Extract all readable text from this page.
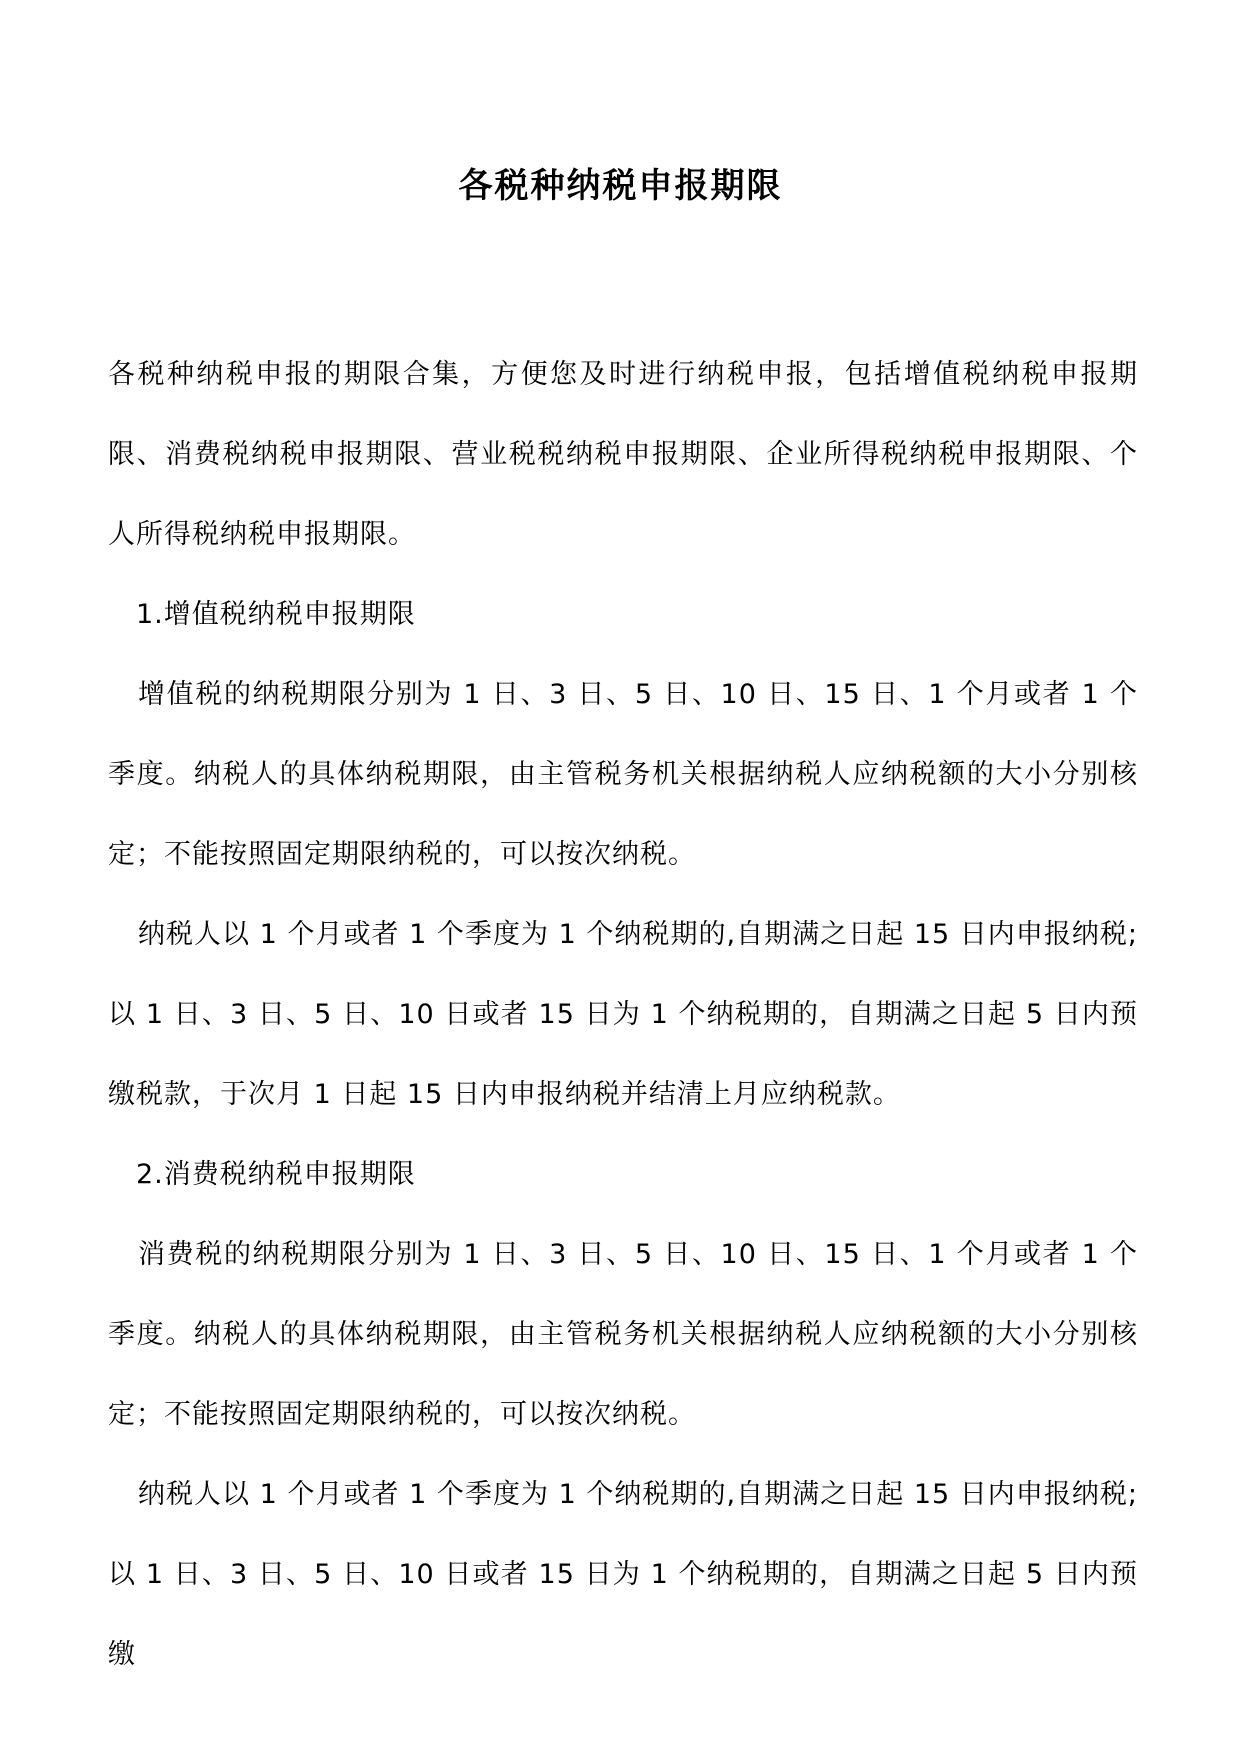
各税种纳税申报期限

各税种纳税申报的期限合集，方便您及时进行纳税申报，包括增值税纳税申报期限、消费税纳税申报期限、营业税税纳税申报期限、企业所得税纳税申报期限、个人所得税纳税申报期限。

1.增值税纳税申报期限

增值税的纳税期限分别为 1 日、3 日、5 日、10 日、15 日、1 个月或者 1 个季度。纳税人的具体纳税期限，由主管税务机关根据纳税人应纳税额的大小分别核定；不能按照固定期限纳税的，可以按次纳税。

纳税人以 1 个月或者 1 个季度为 1 个纳税期的,自期满之日起 15 日内申报纳税;以 1 日、3 日、5 日、10 日或者 15 日为 1 个纳税期的，自期满之日起 5 日内预缴税款，于次月 1 日起 15 日内申报纳税并结清上月应纳税款。

2.消费税纳税申报期限

消费税的纳税期限分别为 1 日、3 日、5 日、10 日、15 日、1 个月或者 1 个季度。纳税人的具体纳税期限，由主管税务机关根据纳税人应纳税额的大小分别核定；不能按照固定期限纳税的，可以按次纳税。

纳税人以 1 个月或者 1 个季度为 1 个纳税期的,自期满之日起 15 日内申报纳税;以 1 日、3 日、5 日、10 日或者 15 日为 1 个纳税期的，自期满之日起 5 日内预缴
